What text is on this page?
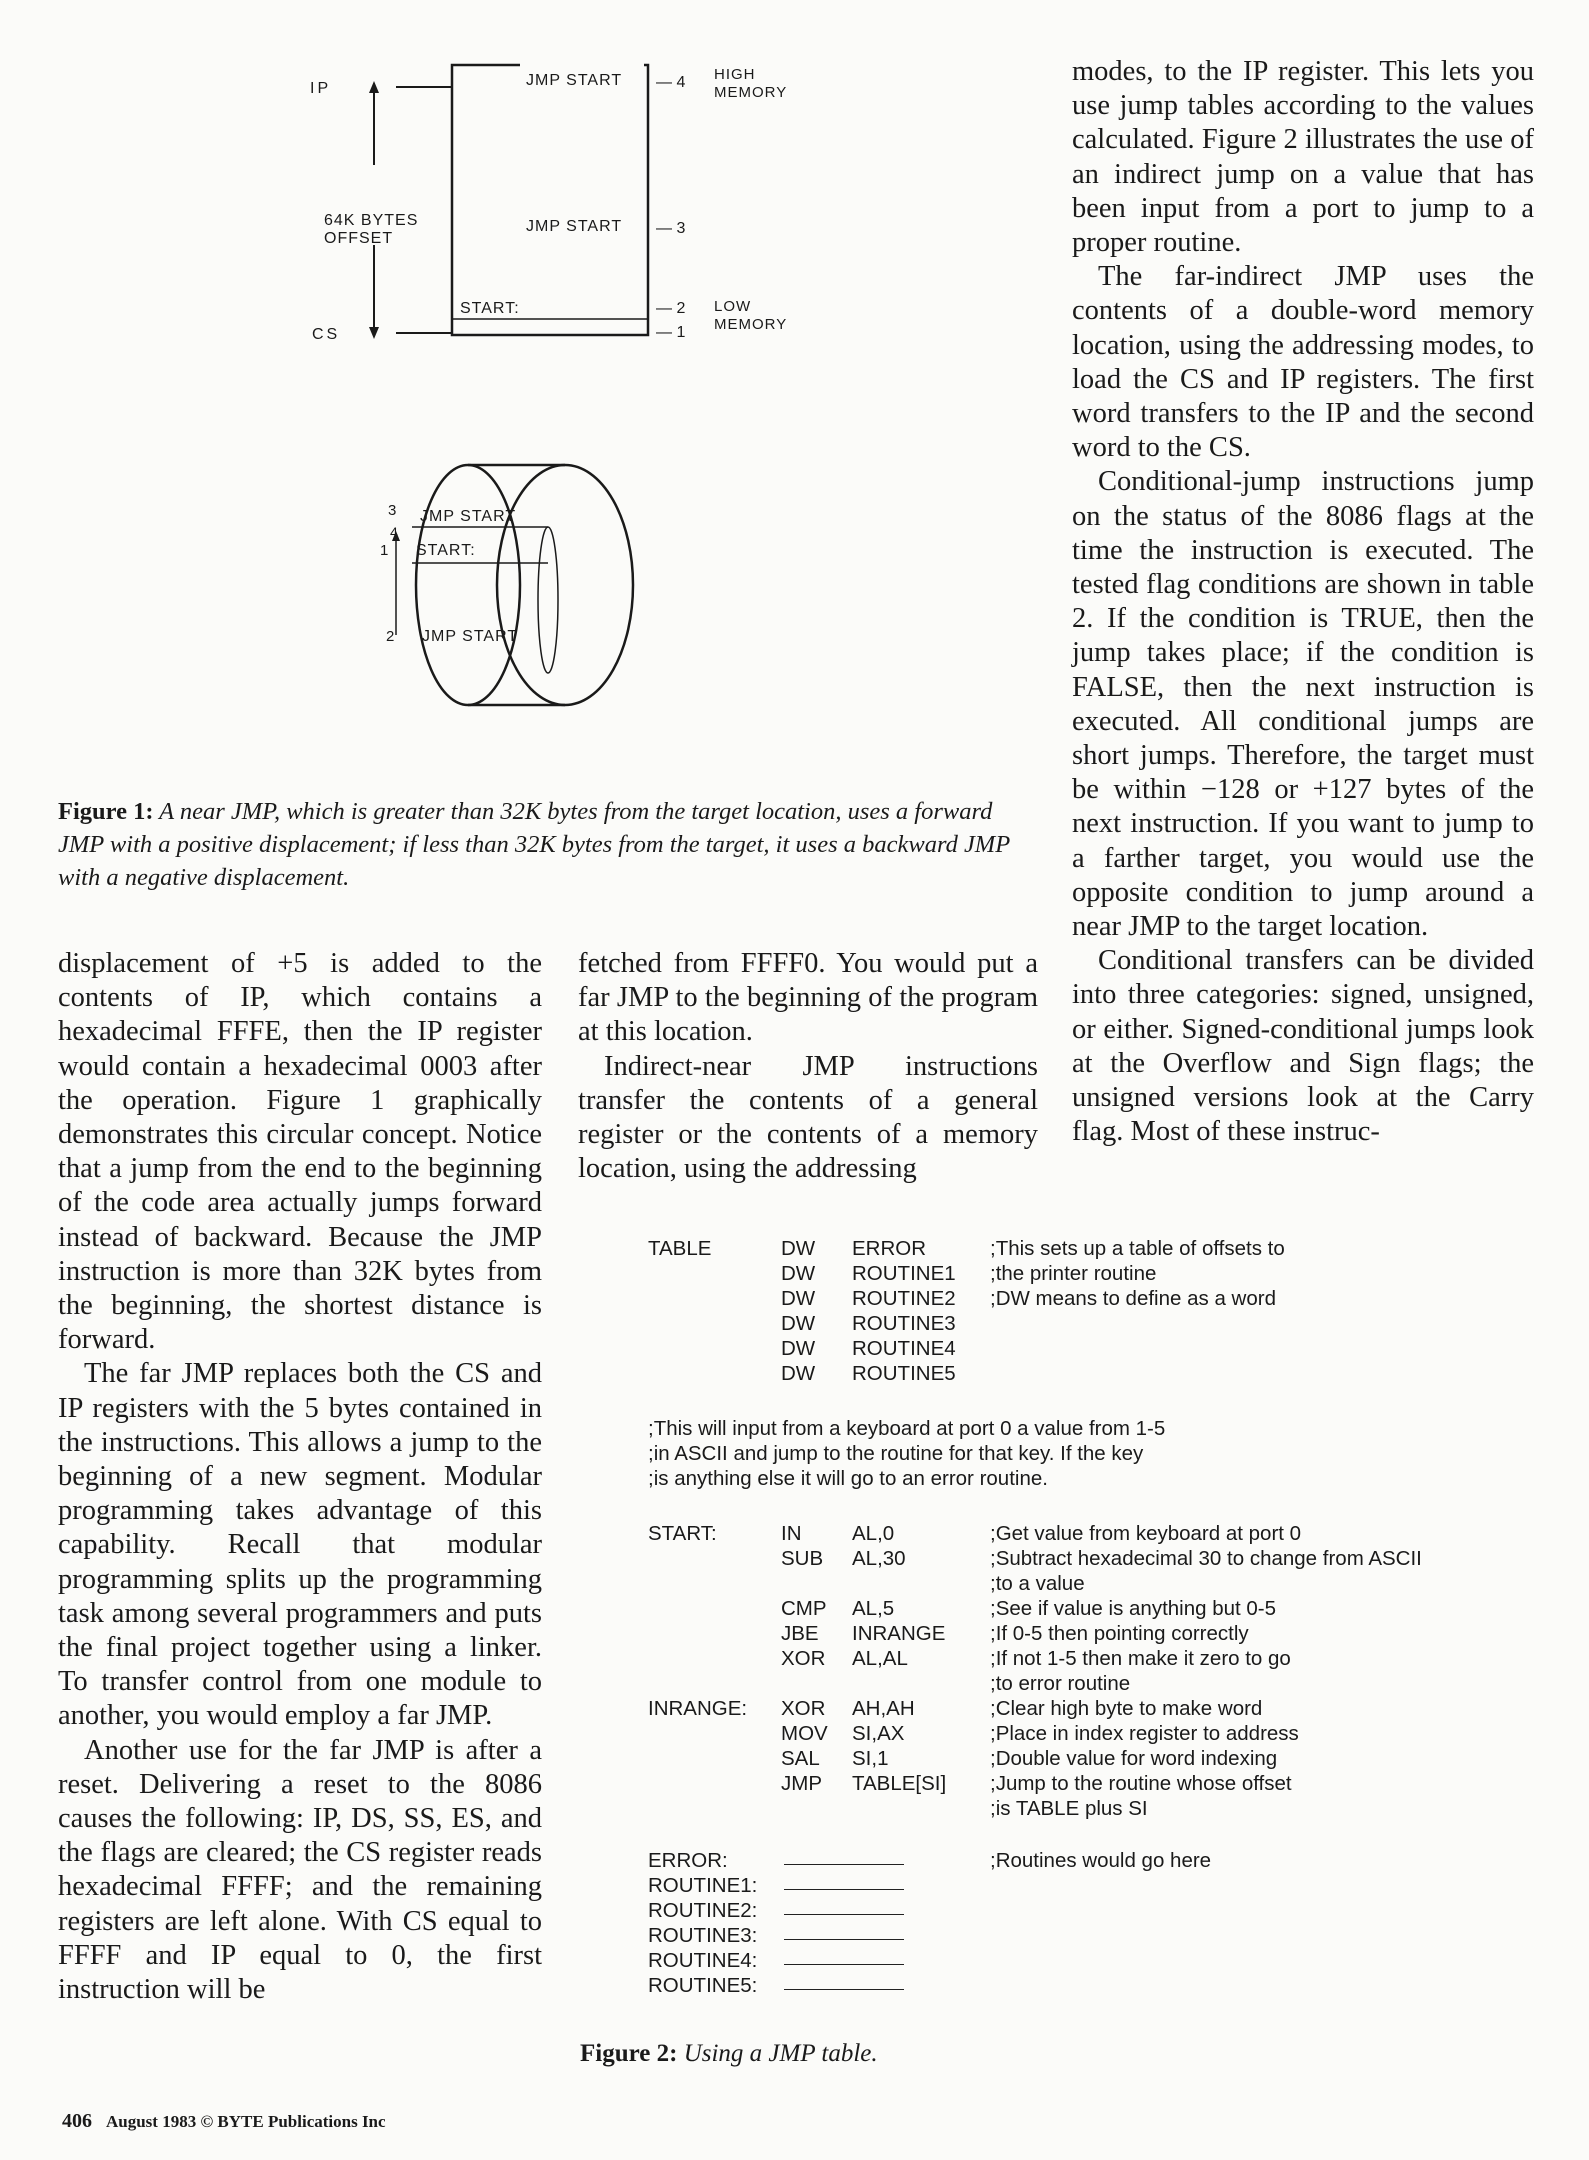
IP
CS
64K BYTES
OFFSET
JMP START
JMP START
START:
— 4
— 3
— 2
— 1
HIGH
MEMORY
LOW
MEMORY
JMP START
START:
JMP START
3
4
1
2
Figure 1: A near JMP, which is greater than 32K bytes from the target location, uses a forward JMP with a positive displacement; if less than 32K bytes from the target, it uses a backward JMP with a negative displacement.

displacement of +5 is added to the contents of IP, which contains a hexadecimal FFFE, then the IP register would contain a hexadecimal 0003 after the operation. Figure 1 graphically demonstrates this circular concept. Notice that a jump from the end to the beginning of the code area actually jumps forward instead of backward. Because the JMP instruction is more than 32K bytes from the beginning, the shortest distance is forward.

The far JMP replaces both the CS and IP registers with the 5 bytes contained in the instructions. This allows a jump to the beginning of a new segment. Modular programming takes advantage of this capability. Recall that modular programming splits up the programming task among several programmers and puts the final project together using a linker. To transfer control from one module to another, you would employ a far JMP.

Another use for the far JMP is after a reset. Delivering a reset to the 8086 causes the following: IP, DS, SS, ES, and the flags are cleared; the CS register reads hexadecimal FFFF; and the remaining registers are left alone. With CS equal to FFFF and IP equal to 0, the first instruction will be

fetched from FFFF0. You would put a far JMP to the beginning of the program at this location.

Indirect-near JMP instructions transfer the contents of a general register or the contents of a memory location, using the addressing

modes, to the IP register. This lets you use jump tables according to the values calculated. Figure 2 illustrates the use of an indirect jump on a value that has been input from a port to jump to a proper routine.

The far-indirect JMP uses the contents of a double-word memory location, using the addressing modes, to load the CS and IP registers. The first word transfers to the IP and the second word to the CS.

Conditional-jump instructions jump on the status of the 8086 flags at the time the instruction is executed. The tested flag conditions are shown in table 2. If the condition is TRUE, then the jump takes place; if the condition is FALSE, then the next instruction is executed. All conditional jumps are short jumps. Therefore, the target must be within −128 or +127 bytes of the next instruction. If you want to jump to a farther target, you would use the opposite condition to jump around a near JMP to the target location.

Conditional transfers can be divided into three categories: signed, unsigned, or either. Signed-conditional jumps look at the Overflow and Sign flags; the unsigned versions look at the Carry flag. Most of these instruc-

TABLE	DW ERROR	;This sets up a table of offsets to
DW ROUTINE1 ;the printer routine
DW ROUTINE2 ;DW means to define as a word
DW ROUTINE3
DW ROUTINE4
DW ROUTINE5
;This will input from a keyboard at port 0 a value from 1-5
;in ASCII and jump to the routine for that key. If the key
;is anything else it will go to an error routine.
START:	IN AL,0	;Get value from keyboard at port 0
SUB AL,30	;Subtract hexadecimal 30 to change from ASCII
;to a value
CMP AL,5	;See if value is anything but 0-5
JBE INRANGE ;If 0-5 then pointing correctly
XOR AL,AL	;If not 1-5 then make it zero to go
;to error routine
INRANGE: XOR AH,AH	;Clear high byte to make word
MOV SI,AX	;Place in index register to address
SAL SI,1	;Double value for word indexing
JMP TABLE[SI] ;Jump to the routine whose offset
;is TABLE plus SI
ERROR:	;Routines would go here
ROUTINE1:
ROUTINE2:
ROUTINE3:
ROUTINE4:
ROUTINE5:
Figure 2: Using a JMP table.
406 August 1983 © BYTE Publications Inc
